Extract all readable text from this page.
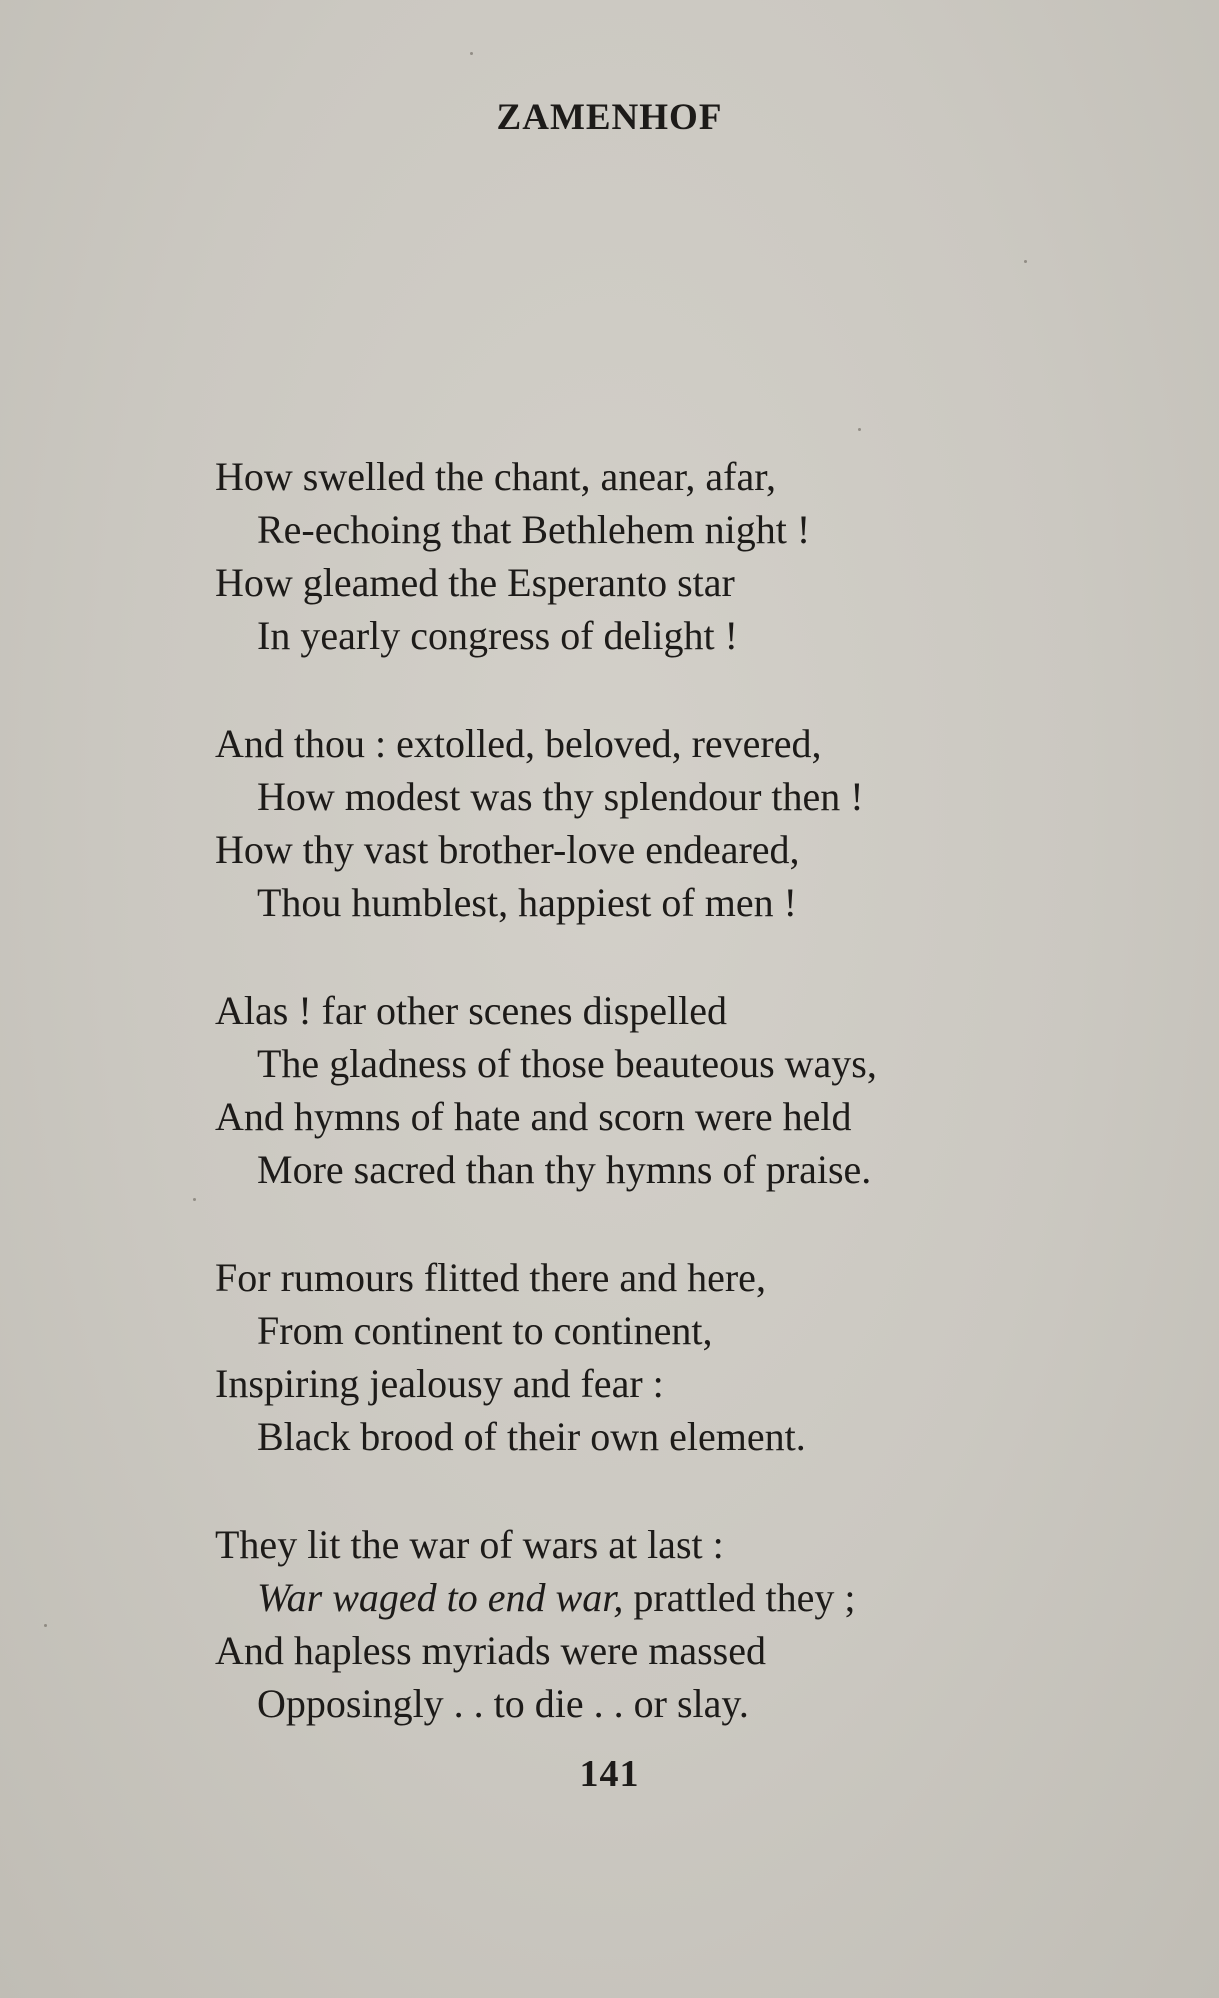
ZAMENHOF
How swelled the chant, anear, afar,
Re-echoing that Bethlehem night !
How gleamed the Esperanto star
In yearly congress of delight !
And thou : extolled, beloved, revered,
How modest was thy splendour then !
How thy vast brother-love endeared,
Thou humblest, happiest of men !
Alas ! far other scenes dispelled
The gladness of those beauteous ways,
And hymns of hate and scorn were held
More sacred than thy hymns of praise.
For rumours flitted there and here,
From continent to continent,
Inspiring jealousy and fear :
Black brood of their own element.
They lit the war of wars at last :
War waged to end war, prattled they ;
And hapless myriads were massed
Opposingly . . to die . . or slay.
141
